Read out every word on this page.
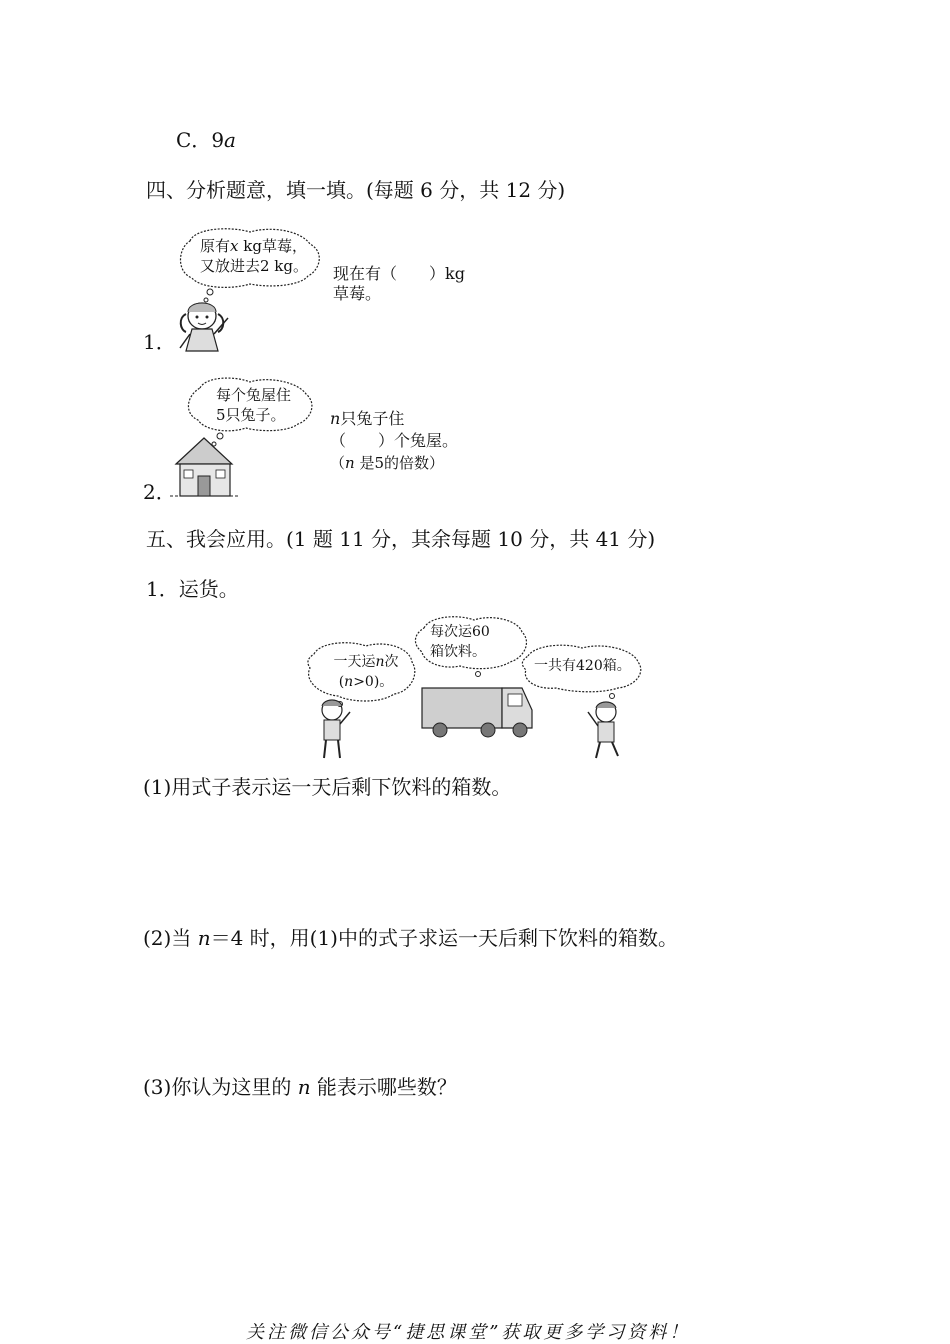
C．9a
四、分析题意，填一填。(每题 6 分，共 12 分)
1．
原有x kg草莓，
又放进去2 kg。 现在有（　　）kg
草莓。
2．
每个兔屋住
5只兔子。	n只兔子住
（　　）个兔屋。
（n 是5的倍数）
五、我会应用。(1 题 11 分，其余每题 10 分，共 41 分)
1．运货。
一天运n次
(n>0)。
每次运60
箱饮料。
一共有420箱。
(1)用式子表示运一天后剩下饮料的箱数。
(2)当 n＝4 时，用(1)中的式子求运一天后剩下饮料的箱数。
(3)你认为这里的 n 能表示哪些数？
关注微信公众号“捷思课堂”获取更多学习资料！
